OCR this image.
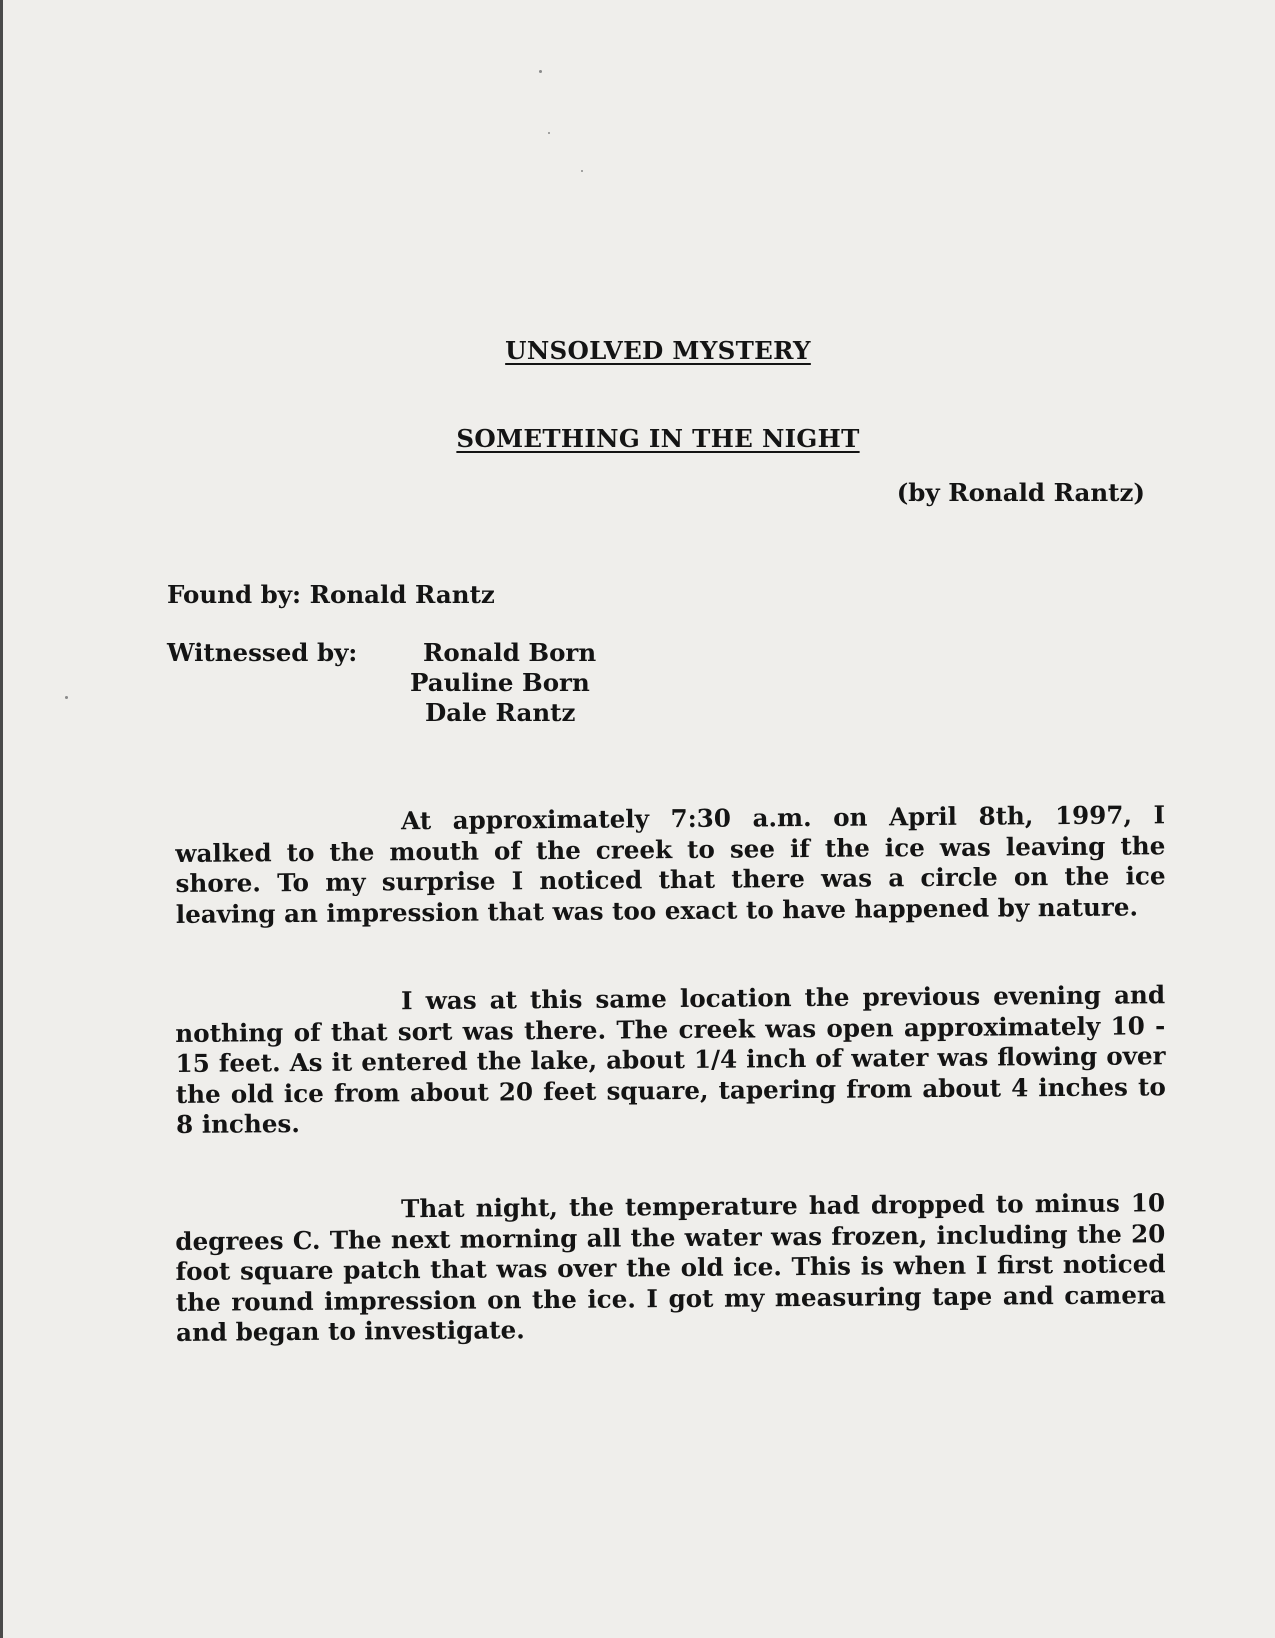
UNSOLVED MYSTERY
SOMETHING IN THE NIGHT

(by Ronald Rantz)

Found by: Ronald Rantz

Witnessed by:	Ronald Born

Pauline Born

Dale Rantz

At approximately 7:30 a.m. on April 8th, 1997, I walked to the mouth of the creek to see if the ice was leaving the shore. To my surprise I noticed that there was a circle on the ice leaving an impression that was too exact to have happened by nature.

I was at this same location the previous evening and nothing of that sort was there. The creek was open approximately 10 - 15 feet. As it entered the lake, about 1/4 inch of water was flowing over the old ice from about 20 feet square, tapering from about 4 inches to 8 inches.

That night, the temperature had dropped to minus 10 degrees C. The next morning all the water was frozen, including the 20 foot square patch that was over the old ice. This is when I first noticed the round impression on the ice. I got my measuring tape and camera and began to investigate.
